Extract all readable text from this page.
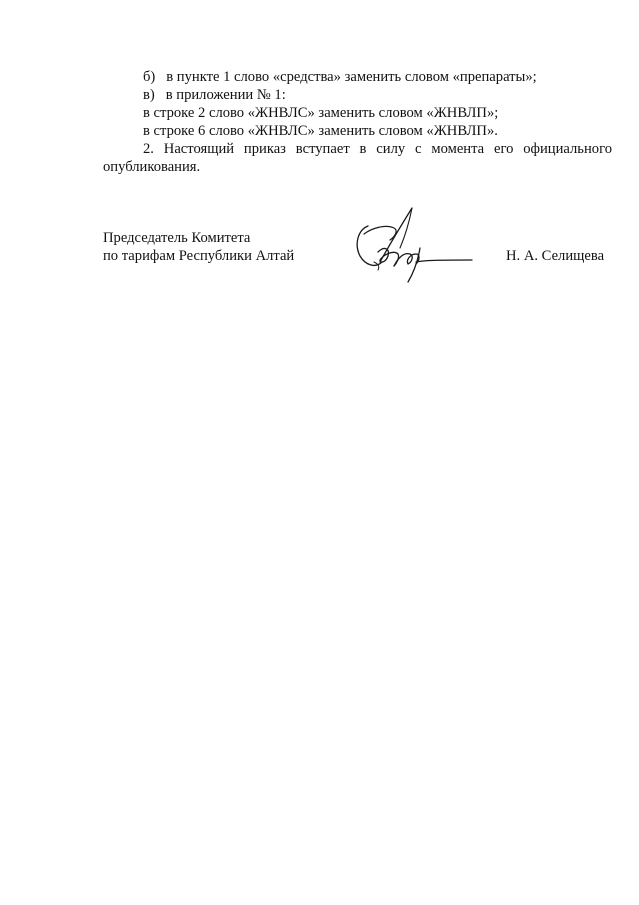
б) в пункте 1 слово «средства» заменить словом «препараты»;
в) в приложении № 1:
в строке 2 слово «ЖНВЛС» заменить словом «ЖНВЛП»;
в строке 6 слово «ЖНВЛС» заменить словом «ЖНВЛП».
2. Настоящий приказ вступает в силу с момента его официального
опубликования.
Председатель Комитета
по тарифам Республики Алтай	Н. А. Селищева
